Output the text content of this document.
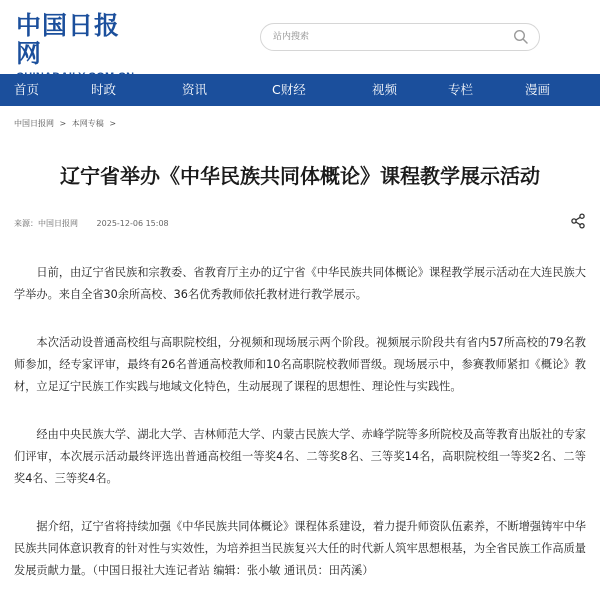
中国日报网
站内搜索
首页	时政	资讯	C财经	视频	专栏	漫画
中国日报网 > 本网专稿 >
辽宁省举办《中华民族共同体概论》课程教学展示活动
来源：中国日报网 2025-12-06 15:08

日前，由辽宁省民族和宗教委、省教育厅主办的辽宁省《中华民族共同体概论》课程教学展示活动在大连民族大学举办。来自全省30余所高校、36名优秀教师依托教材进行教学展示。

本次活动设普通高校组与高职院校组，分视频和现场展示两个阶段。视频展示阶段共有省内57所高校的79名教师参加，经专家评审，最终有26名普通高校教师和10名高职院校教师晋级。现场展示中，参赛教师紧扣《概论》教材，立足辽宁民族工作实践与地域文化特色，生动展现了课程的思想性、理论性与实践性。

经由中央民族大学、湖北大学、吉林师范大学、内蒙古民族大学、赤峰学院等多所院校及高等教育出版社的专家们评审，本次展示活动最终评选出普通高校组一等奖4名、二等奖8名、三等奖14名，高职院校组一等奖2名、二等奖4名、三等奖4名。

据介绍，辽宁省将持续加强《中华民族共同体概论》课程体系建设，着力提升师资队伍素养，不断增强铸牢中华民族共同体意识教育的针对性与实效性，为培养担当民族复兴大任的时代新人筑牢思想根基，为全省民族工作高质量发展贡献力量。（中国日报社大连记者站 编辑：张小敏 通讯员：田芮溪）
